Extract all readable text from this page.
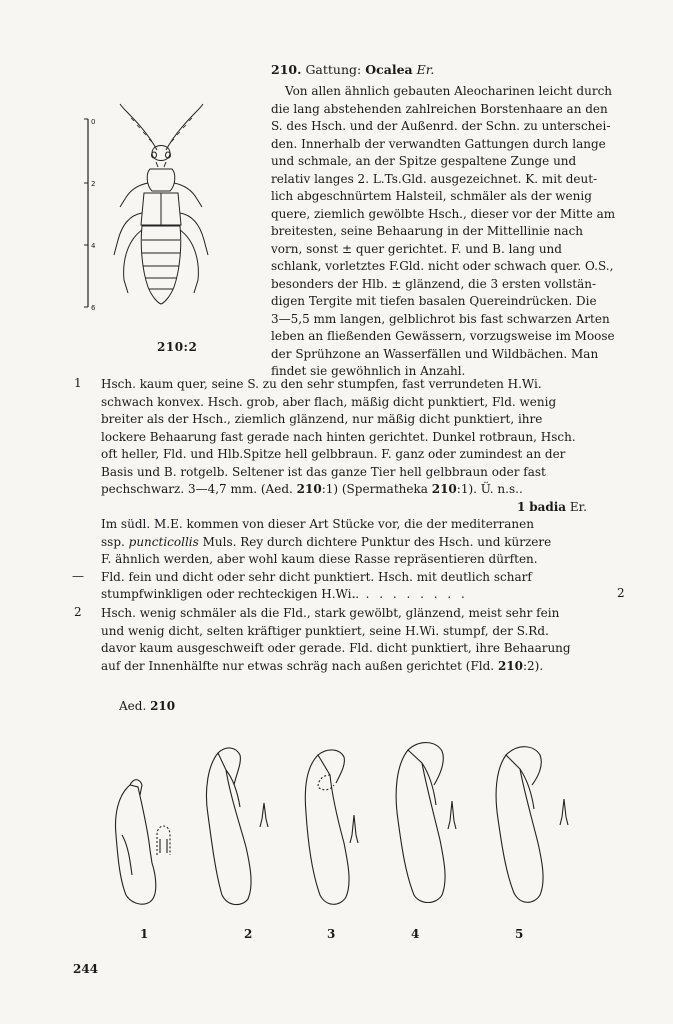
210. Gattung: Ocalea Er.
Von allen ähnlich gebauten Aleocharinen leicht durch
die lang abstehenden zahlreichen Borstenhaare an den
S. des Hsch. und der Außenrd. der Schn. zu unterschei-
den. Innerhalb der verwandten Gattungen durch lange
und schmale, an der Spitze gespaltene Zunge und
relativ langes 2. L.Ts.Gld. ausgezeichnet. K. mit deut-
lich abgeschnürtem Halsteil, schmäler als der wenig
quere, ziemlich gewölbte Hsch., dieser vor der Mitte am
breitesten, seine Behaarung in der Mittellinie nach
vorn, sonst ± quer gerichtet. F. und B. lang und
schlank, vorletztes F.Gld. nicht oder schwach quer. O.S.,
besonders der Hlb. ± glänzend, die 3 ersten vollstän-
digen Tergite mit tiefen basalen Quereindrücken. Die
3—5,5 mm langen, gelblichrot bis fast schwarzen Arten
leben an fließenden Gewässern, vorzugsweise im Moose
der Sprühzone an Wasserfällen und Wildbächen. Man
findet sie gewöhnlich in Anzahl.
0
2
4
6
210:2
1 Hsch. kaum quer, seine S. zu den sehr stumpfen, fast verrundeten H.Wi.
schwach konvex. Hsch. grob, aber flach, mäßig dicht punktiert, Fld. wenig
breiter als der Hsch., ziemlich glänzend, nur mäßig dicht punktiert, ihre
lockere Behaarung fast gerade nach hinten gerichtet. Dunkel rotbraun, Hsch.
oft heller, Fld. und Hlb.Spitze hell gelbbraun. F. ganz oder zumindest an der
Basis und B. rotgelb. Seltener ist das ganze Tier hell gelbbraun oder fast
pechschwarz. 3—4,7 mm. (Aed. 210:1) (Spermatheka 210:1). Ü. n.s..
1 badia Er.
Im südl. M.E. kommen von dieser Art Stücke vor, die der mediterranen
ssp. puncticollis Muls. Rey durch dichtere Punktur des Hsch. und kürzere
F. ähnlich werden, aber wohl kaum diese Rasse repräsentieren dürften.
— Fld. fein und dicht oder sehr dicht punktiert. Hsch. mit deutlich scharf
stumpfwinkligen oder rechteckigen H.Wi..
. . . . . . . . .	2
2 Hsch. wenig schmäler als die Fld., stark gewölbt, glänzend, meist sehr fein
und wenig dicht, selten kräftiger punktiert, seine H.Wi. stumpf, der S.Rd.
davor kaum ausgeschweift oder gerade. Fld. dicht punktiert, ihre Behaarung
auf der Innenhälfte nur etwas schräg nach außen gerichtet (Fld. 210:2).
Aed. 210
1	2	3	4	5
244
